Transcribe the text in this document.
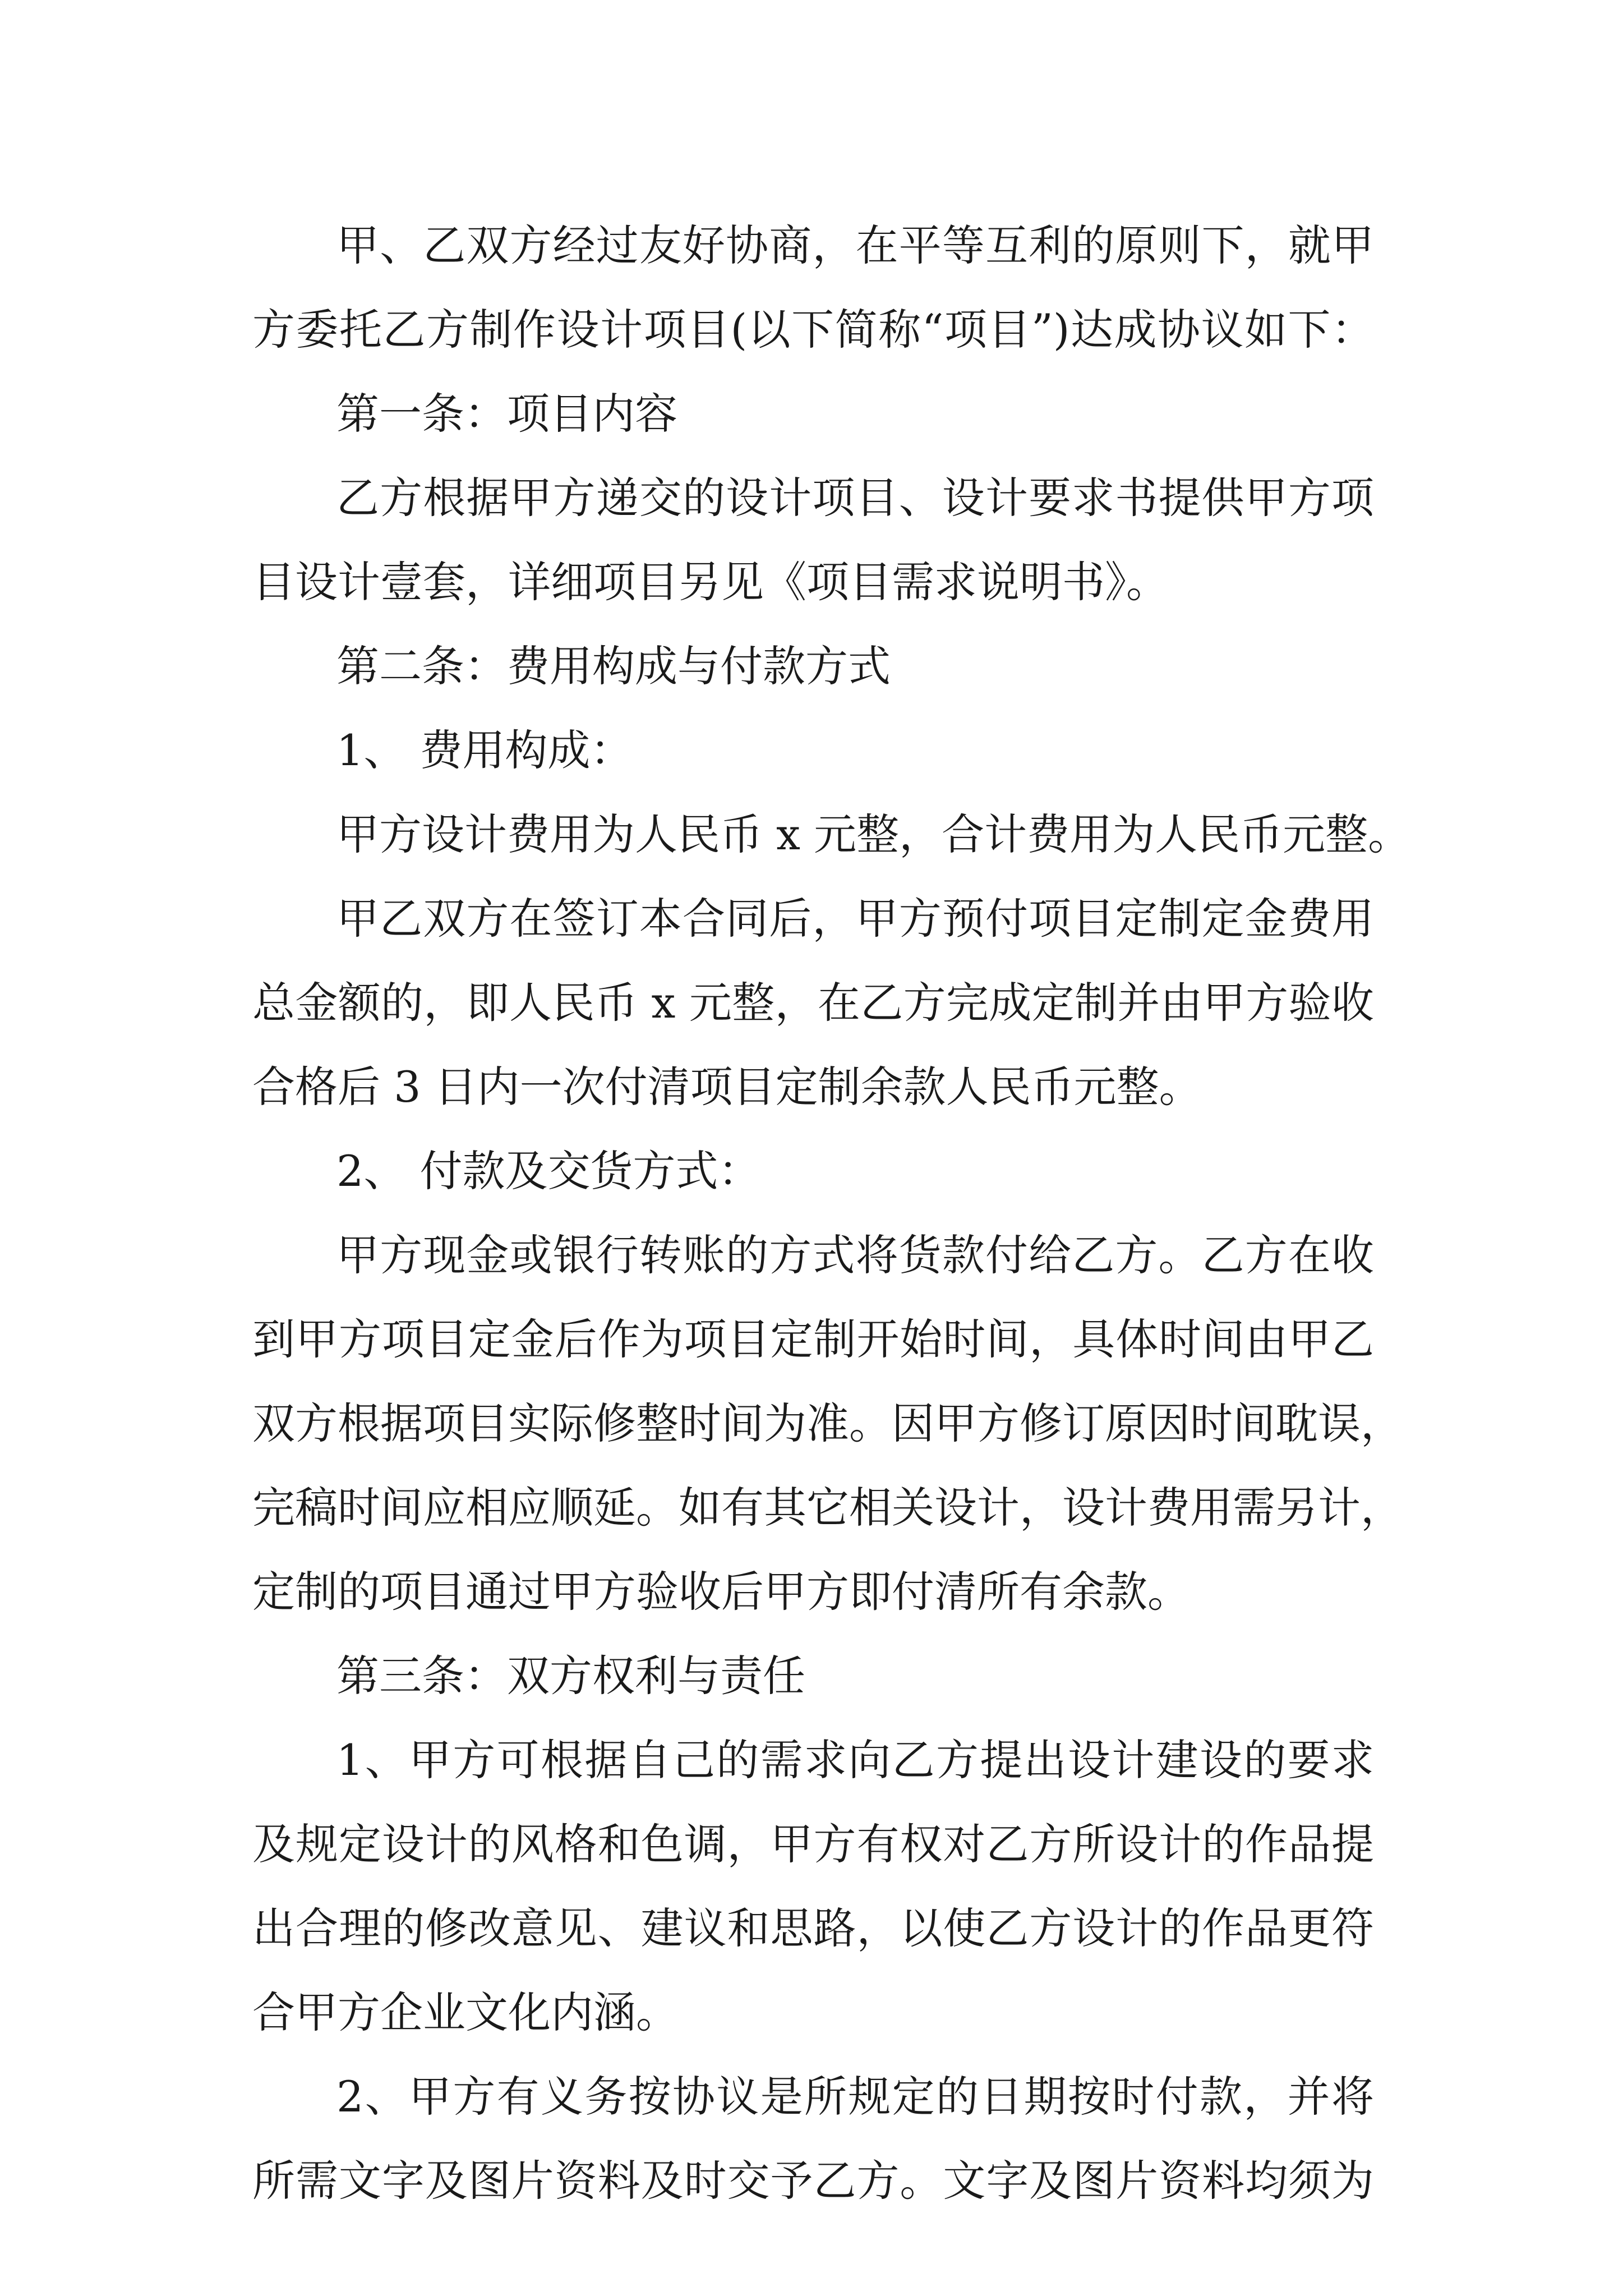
甲、乙双方经过友好协商，在平等互利的原则下，就甲

方委托乙方制作设计项目(以下简称“项目”)达成协议如下：

第一条：项目内容

乙方根据甲方递交的设计项目、设计要求书提供甲方项

目设计壹套，详细项目另见《项目需求说明书》。

第二条：费用构成与付款方式

1、 费用构成：

甲方设计费用为人民币 x 元整，合计费用为人民币元整。

甲乙双方在签订本合同后，甲方预付项目定制定金费用

总金额的，即人民币 x 元整，在乙方完成定制并由甲方验收

合格后 3 日内一次付清项目定制余款人民币元整。

2、 付款及交货方式：

甲方现金或银行转账的方式将货款付给乙方。乙方在收

到甲方项目定金后作为项目定制开始时间，具体时间由甲乙

双方根据项目实际修整时间为准。因甲方修订原因时间耽误，

完稿时间应相应顺延。如有其它相关设计，设计费用需另计，

定制的项目通过甲方验收后甲方即付清所有余款。

第三条：双方权利与责任

1、甲方可根据自己的需求向乙方提出设计建设的要求

及规定设计的风格和色调，甲方有权对乙方所设计的作品提

出合理的修改意见、建议和思路，以使乙方设计的作品更符

合甲方企业文化内涵。

2、甲方有义务按协议是所规定的日期按时付款，并将

所需文字及图片资料及时交予乙方。文字及图片资料均须为
